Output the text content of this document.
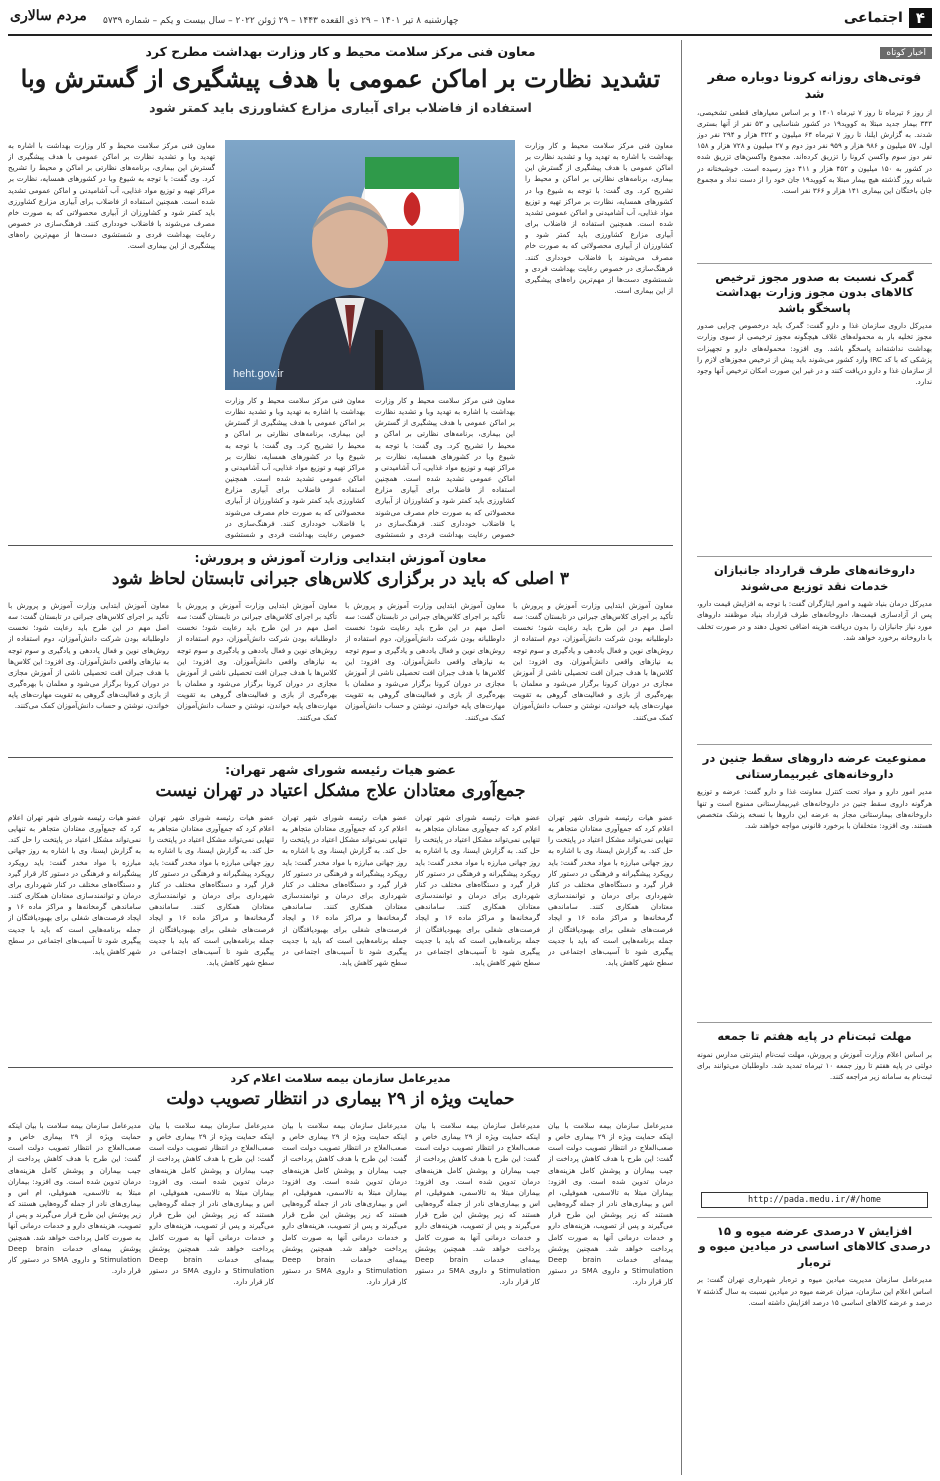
۴
اجتماعی
چهارشنبه ۸ تیر ۱۴۰۱ – ۲۹ ذی القعده ۱۴۴۳ – ۲۹ ژوئن ۲۰۲۲ – سال بیست و یکم – شماره ۵۷۳۹
مردم سالاری
اخبار کوتاه
فوتی‌های روزانه کرونا دوباره صفر شد
از روز ۶ تیرماه تا روز ۷ تیرماه ۱۴۰۱ و بر اساس معیارهای قطعی تشخیصی، ۳۴۳ بیمار جدید مبتلا به کووید۱۹ در کشور شناسایی و ۵۳ نفر از آنها بستری شدند. به گزارش ایلنا، تا روز ۷ تیرماه ۶۴ میلیون و ۳۲۲ هزار و ۲۹۴ نفر دوز اول، ۵۷ میلیون و ۹۸۶ هزار و ۹۵۹ نفر دوز دوم و ۲۷ میلیون و ۷۲۸ هزار و ۱۵۸ نفر دوز سوم واکسن کرونا را تزریق کرده‌اند. مجموع واکسن‌های تزریق شده در کشور به ۱۵۰ میلیون و ۴۵۲ هزار و ۴۱۱ دوز رسیده است. خوشبختانه در شبانه روز گذشته هیچ بیمار مبتلا به کووید۱۹ جان خود را از دست نداد و مجموع جان باختگان این بیماری ۱۴۱ هزار و ۳۶۶ نفر است.
گمرک نسبت به صدور مجوز ترخیص کالاهای بدون مجوز وزارت بهداشت پاسخگو باشد
مدیرکل داروی سازمان غذا و دارو گفت: گمرک باید درخصوص چرایی صدور مجوز تخلیه بار به محموله‌های غلاف هیچگونه مجوز ترخیصی از سوی وزارت بهداشت نداشته‌اند پاسخگو باشد. وی افزود: محموله‌های دارو و تجهیزات پزشکی که با کد IRC وارد کشور می‌شوند باید پیش از ترخیص مجوزهای لازم را از سازمان غذا و دارو دریافت کنند و در غیر این صورت امکان ترخیص آنها وجود ندارد.
داروخانه‌های طرف قرارداد جانبازان خدمات نقد توزیع می‌شوند
مدیرکل درمان بنیاد شهید و امور ایثارگران گفت: با توجه به افزایش قیمت دارو، پس از آزادسازی قیمت‌ها، داروخانه‌های طرف قرارداد بنیاد موظفند داروهای مورد نیاز جانبازان را بدون دریافت هزینه اضافی تحویل دهند و در صورت تخلف با داروخانه برخورد خواهد شد.
ممنوعیت عرضه داروهای سقط جنین در داروخانه‌های غیربیمارستانی
مدیر امور دارو و مواد تحت کنترل معاونت غذا و دارو گفت: عرضه و توزیع هرگونه داروی سقط جنین در داروخانه‌های غیربیمارستانی ممنوع است و تنها داروخانه‌های بیمارستانی مجاز به عرضه این داروها با نسخه پزشک متخصص هستند. وی افزود: متخلفان با برخورد قانونی مواجه خواهند شد.
مهلت ثبت‌نام در پایه هفتم تا جمعه
بر اساس اعلام وزارت آموزش و پرورش، مهلت ثبت‌نام اینترنتی مدارس نمونه دولتی در پایه هفتم تا روز جمعه ۱۰ تیرماه تمدید شد. داوطلبان می‌توانند برای ثبت‌نام به سامانه زیر مراجعه کنند.
http://pada.medu.ir/#/home
افزایش ۷ درصدی عرضه میوه و ۱۵ درصدی کالاهای اساسی در میادین میوه و تره‌بار
مدیرعامل سازمان مدیریت میادین میوه و تره‌بار شهرداری تهران گفت: بر اساس اعلام این سازمان، میزان عرضه میوه در میادین نسبت به سال گذشته ۷ درصد و عرضه کالاهای اساسی ۱۵ درصد افزایش داشته است.
معاون فنی مرکز سلامت محیط و کار وزارت بهداشت مطرح کرد
تشدید نظارت بر اماکن عمومی با هدف پیشگیری از گسترش وبا
استفاده از فاضلاب برای آبیاری مزارع کشاورزی باید کمتر شود
معاون فنی مرکز سلامت محیط و کار وزارت بهداشت با اشاره به تهدید وبا و تشدید نظارت بر اماکن عمومی با هدف پیشگیری از گسترش این بیماری، برنامه‌های نظارتی بر اماکن و محیط را تشریح کرد. وی گفت: با توجه به شیوع وبا در کشورهای همسایه، نظارت بر مراکز تهیه و توزیع مواد غذایی، آب آشامیدنی و اماکن عمومی تشدید شده است. همچنین استفاده از فاضلاب برای آبیاری مزارع کشاورزی باید کمتر شود و کشاورزان از آبیاری محصولاتی که به صورت خام مصرف می‌شوند با فاضلاب خودداری کنند. فرهنگ‌سازی در خصوص رعایت بهداشت فردی و شستشوی دست‌ها از مهم‌ترین راه‌های پیشگیری از این بیماری است.
heht.gov.ir
معاون فنی مرکز سلامت محیط و کار وزارت بهداشت با اشاره به تهدید وبا و تشدید نظارت بر اماکن عمومی با هدف پیشگیری از گسترش این بیماری، برنامه‌های نظارتی بر اماکن و محیط را تشریح کرد. وی گفت: با توجه به شیوع وبا در کشورهای همسایه، نظارت بر مراکز تهیه و توزیع مواد غذایی، آب آشامیدنی و اماکن عمومی تشدید شده است. همچنین استفاده از فاضلاب برای آبیاری مزارع کشاورزی باید کمتر شود و کشاورزان از آبیاری محصولاتی که به صورت خام مصرف می‌شوند با فاضلاب خودداری کنند. فرهنگ‌سازی در خصوص رعایت بهداشت فردی و شستشوی
معاون فنی مرکز سلامت محیط و کار وزارت بهداشت با اشاره به تهدید وبا و تشدید نظارت بر اماکن عمومی با هدف پیشگیری از گسترش این بیماری، برنامه‌های نظارتی بر اماکن و محیط را تشریح کرد. وی گفت: با توجه به شیوع وبا در کشورهای همسایه، نظارت بر مراکز تهیه و توزیع مواد غذایی، آب آشامیدنی و اماکن عمومی تشدید شده است. همچنین استفاده از فاضلاب برای آبیاری مزارع کشاورزی باید کمتر شود و کشاورزان از آبیاری محصولاتی که به صورت خام مصرف می‌شوند با فاضلاب خودداری کنند. فرهنگ‌سازی در خصوص رعایت بهداشت فردی و شستشوی
معاون فنی مرکز سلامت محیط و کار وزارت بهداشت با اشاره به تهدید وبا و تشدید نظارت بر اماکن عمومی با هدف پیشگیری از گسترش این بیماری، برنامه‌های نظارتی بر اماکن و محیط را تشریح کرد. وی گفت: با توجه به شیوع وبا در کشورهای همسایه، نظارت بر مراکز تهیه و توزیع مواد غذایی، آب آشامیدنی و اماکن عمومی تشدید شده است. همچنین استفاده از فاضلاب برای آبیاری مزارع کشاورزی باید کمتر شود و کشاورزان از آبیاری محصولاتی که به صورت خام مصرف می‌شوند با فاضلاب خودداری کنند. فرهنگ‌سازی در خصوص رعایت بهداشت فردی و شستشوی دست‌ها از مهم‌ترین راه‌های پیشگیری از این بیماری است.
معاون آموزش ابتدایی وزارت آموزش و پرورش:
۳ اصلی که باید در برگزاری کلاس‌های جبرانی تابستان لحاظ شود
معاون آموزش ابتدایی وزارت آموزش و پرورش با تأکید بر اجرای کلاس‌های جبرانی در تابستان گفت: سه اصل مهم در این طرح باید رعایت شود؛ نخست داوطلبانه بودن شرکت دانش‌آموزان، دوم استفاده از روش‌های نوین و فعال یاددهی و یادگیری و سوم توجه به نیازهای واقعی دانش‌آموزان. وی افزود: این کلاس‌ها با هدف جبران افت تحصیلی ناشی از آموزش مجازی در دوران کرونا برگزار می‌شود و معلمان با بهره‌گیری از بازی و فعالیت‌های گروهی به تقویت مهارت‌های پایه خواندن، نوشتن و حساب دانش‌آموزان کمک می‌کنند.
معاون آموزش ابتدایی وزارت آموزش و پرورش با تأکید بر اجرای کلاس‌های جبرانی در تابستان گفت: سه اصل مهم در این طرح باید رعایت شود؛ نخست داوطلبانه بودن شرکت دانش‌آموزان، دوم استفاده از روش‌های نوین و فعال یاددهی و یادگیری و سوم توجه به نیازهای واقعی دانش‌آموزان. وی افزود: این کلاس‌ها با هدف جبران افت تحصیلی ناشی از آموزش مجازی در دوران کرونا برگزار می‌شود و معلمان با بهره‌گیری از بازی و فعالیت‌های گروهی به تقویت مهارت‌های پایه خواندن، نوشتن و حساب دانش‌آموزان کمک می‌کنند.
معاون آموزش ابتدایی وزارت آموزش و پرورش با تأکید بر اجرای کلاس‌های جبرانی در تابستان گفت: سه اصل مهم در این طرح باید رعایت شود؛ نخست داوطلبانه بودن شرکت دانش‌آموزان، دوم استفاده از روش‌های نوین و فعال یاددهی و یادگیری و سوم توجه به نیازهای واقعی دانش‌آموزان. وی افزود: این کلاس‌ها با هدف جبران افت تحصیلی ناشی از آموزش مجازی در دوران کرونا برگزار می‌شود و معلمان با بهره‌گیری از بازی و فعالیت‌های گروهی به تقویت مهارت‌های پایه خواندن، نوشتن و حساب دانش‌آموزان کمک می‌کنند.
معاون آموزش ابتدایی وزارت آموزش و پرورش با تأکید بر اجرای کلاس‌های جبرانی در تابستان گفت: سه اصل مهم در این طرح باید رعایت شود؛ نخست داوطلبانه بودن شرکت دانش‌آموزان، دوم استفاده از روش‌های نوین و فعال یاددهی و یادگیری و سوم توجه به نیازهای واقعی دانش‌آموزان. وی افزود: این کلاس‌ها با هدف جبران افت تحصیلی ناشی از آموزش مجازی در دوران کرونا برگزار می‌شود و معلمان با بهره‌گیری از بازی و فعالیت‌های گروهی به تقویت مهارت‌های پایه خواندن، نوشتن و حساب دانش‌آموزان کمک می‌کنند.
عضو هیات رئیسه شورای شهر تهران:
جمع‌آوری معتادان علاج مشکل اعتیاد در تهران نیست
عضو هیات رئیسه شورای شهر تهران اعلام کرد که جمع‌آوری معتادان متجاهر به تنهایی نمی‌تواند مشکل اعتیاد در پایتخت را حل کند. به گزارش ایسنا، وی با اشاره به روز جهانی مبارزه با مواد مخدر گفت: باید رویکرد پیشگیرانه و فرهنگی در دستور کار قرار گیرد و دستگاه‌های مختلف در کنار شهرداری برای درمان و توانمندسازی معتادان همکاری کنند. ساماندهی گرمخانه‌ها و مراکز ماده ۱۶ و ایجاد فرصت‌های شغلی برای بهبودیافتگان از جمله برنامه‌هایی است که باید با جدیت پیگیری شود تا آسیب‌های اجتماعی در سطح شهر کاهش یابد.
عضو هیات رئیسه شورای شهر تهران اعلام کرد که جمع‌آوری معتادان متجاهر به تنهایی نمی‌تواند مشکل اعتیاد در پایتخت را حل کند. به گزارش ایسنا، وی با اشاره به روز جهانی مبارزه با مواد مخدر گفت: باید رویکرد پیشگیرانه و فرهنگی در دستور کار قرار گیرد و دستگاه‌های مختلف در کنار شهرداری برای درمان و توانمندسازی معتادان همکاری کنند. ساماندهی گرمخانه‌ها و مراکز ماده ۱۶ و ایجاد فرصت‌های شغلی برای بهبودیافتگان از جمله برنامه‌هایی است که باید با جدیت پیگیری شود تا آسیب‌های اجتماعی در سطح شهر کاهش یابد.
عضو هیات رئیسه شورای شهر تهران اعلام کرد که جمع‌آوری معتادان متجاهر به تنهایی نمی‌تواند مشکل اعتیاد در پایتخت را حل کند. به گزارش ایسنا، وی با اشاره به روز جهانی مبارزه با مواد مخدر گفت: باید رویکرد پیشگیرانه و فرهنگی در دستور کار قرار گیرد و دستگاه‌های مختلف در کنار شهرداری برای درمان و توانمندسازی معتادان همکاری کنند. ساماندهی گرمخانه‌ها و مراکز ماده ۱۶ و ایجاد فرصت‌های شغلی برای بهبودیافتگان از جمله برنامه‌هایی است که باید با جدیت پیگیری شود تا آسیب‌های اجتماعی در سطح شهر کاهش یابد.
عضو هیات رئیسه شورای شهر تهران اعلام کرد که جمع‌آوری معتادان متجاهر به تنهایی نمی‌تواند مشکل اعتیاد در پایتخت را حل کند. به گزارش ایسنا، وی با اشاره به روز جهانی مبارزه با مواد مخدر گفت: باید رویکرد پیشگیرانه و فرهنگی در دستور کار قرار گیرد و دستگاه‌های مختلف در کنار شهرداری برای درمان و توانمندسازی معتادان همکاری کنند. ساماندهی گرمخانه‌ها و مراکز ماده ۱۶ و ایجاد فرصت‌های شغلی برای بهبودیافتگان از جمله برنامه‌هایی است که باید با جدیت پیگیری شود تا آسیب‌های اجتماعی در سطح شهر کاهش یابد.
عضو هیات رئیسه شورای شهر تهران اعلام کرد که جمع‌آوری معتادان متجاهر به تنهایی نمی‌تواند مشکل اعتیاد در پایتخت را حل کند. به گزارش ایسنا، وی با اشاره به روز جهانی مبارزه با مواد مخدر گفت: باید رویکرد پیشگیرانه و فرهنگی در دستور کار قرار گیرد و دستگاه‌های مختلف در کنار شهرداری برای درمان و توانمندسازی معتادان همکاری کنند. ساماندهی گرمخانه‌ها و مراکز ماده ۱۶ و ایجاد فرصت‌های شغلی برای بهبودیافتگان از جمله برنامه‌هایی است که باید با جدیت پیگیری شود تا آسیب‌های اجتماعی در سطح شهر کاهش یابد.
مدیرعامل سازمان بیمه سلامت اعلام کرد
حمایت ویژه از ۲۹ بیماری در انتظار تصویب دولت
مدیرعامل سازمان بیمه سلامت با بیان اینکه حمایت ویژه از ۲۹ بیماری خاص و صعب‌العلاج در انتظار تصویب دولت است گفت: این طرح با هدف کاهش پرداخت از جیب بیماران و پوشش کامل هزینه‌های درمان تدوین شده است. وی افزود: بیماران مبتلا به تالاسمی، هموفیلی، ام اس و بیماری‌های نادر از جمله گروه‌هایی هستند که زیر پوشش این طرح قرار می‌گیرند و پس از تصویب، هزینه‌های دارو و خدمات درمانی آنها به صورت کامل پرداخت خواهد شد. همچنین پوشش بیمه‌ای خدمات Deep brain Stimulation و داروی SMA در دستور کار قرار دارد.
مدیرعامل سازمان بیمه سلامت با بیان اینکه حمایت ویژه از ۲۹ بیماری خاص و صعب‌العلاج در انتظار تصویب دولت است گفت: این طرح با هدف کاهش پرداخت از جیب بیماران و پوشش کامل هزینه‌های درمان تدوین شده است. وی افزود: بیماران مبتلا به تالاسمی، هموفیلی، ام اس و بیماری‌های نادر از جمله گروه‌هایی هستند که زیر پوشش این طرح قرار می‌گیرند و پس از تصویب، هزینه‌های دارو و خدمات درمانی آنها به صورت کامل پرداخت خواهد شد. همچنین پوشش بیمه‌ای خدمات Deep brain Stimulation و داروی SMA در دستور کار قرار دارد.
مدیرعامل سازمان بیمه سلامت با بیان اینکه حمایت ویژه از ۲۹ بیماری خاص و صعب‌العلاج در انتظار تصویب دولت است گفت: این طرح با هدف کاهش پرداخت از جیب بیماران و پوشش کامل هزینه‌های درمان تدوین شده است. وی افزود: بیماران مبتلا به تالاسمی، هموفیلی، ام اس و بیماری‌های نادر از جمله گروه‌هایی هستند که زیر پوشش این طرح قرار می‌گیرند و پس از تصویب، هزینه‌های دارو و خدمات درمانی آنها به صورت کامل پرداخت خواهد شد. همچنین پوشش بیمه‌ای خدمات Deep brain Stimulation و داروی SMA در دستور کار قرار دارد.
مدیرعامل سازمان بیمه سلامت با بیان اینکه حمایت ویژه از ۲۹ بیماری خاص و صعب‌العلاج در انتظار تصویب دولت است گفت: این طرح با هدف کاهش پرداخت از جیب بیماران و پوشش کامل هزینه‌های درمان تدوین شده است. وی افزود: بیماران مبتلا به تالاسمی، هموفیلی، ام اس و بیماری‌های نادر از جمله گروه‌هایی هستند که زیر پوشش این طرح قرار می‌گیرند و پس از تصویب، هزینه‌های دارو و خدمات درمانی آنها به صورت کامل پرداخت خواهد شد. همچنین پوشش بیمه‌ای خدمات Deep brain Stimulation و داروی SMA در دستور کار قرار دارد.
مدیرعامل سازمان بیمه سلامت با بیان اینکه حمایت ویژه از ۲۹ بیماری خاص و صعب‌العلاج در انتظار تصویب دولت است گفت: این طرح با هدف کاهش پرداخت از جیب بیماران و پوشش کامل هزینه‌های درمان تدوین شده است. وی افزود: بیماران مبتلا به تالاسمی، هموفیلی، ام اس و بیماری‌های نادر از جمله گروه‌هایی هستند که زیر پوشش این طرح قرار می‌گیرند و پس از تصویب، هزینه‌های دارو و خدمات درمانی آنها به صورت کامل پرداخت خواهد شد. همچنین پوشش بیمه‌ای خدمات Deep brain Stimulation و داروی SMA در دستور کار قرار دارد.
